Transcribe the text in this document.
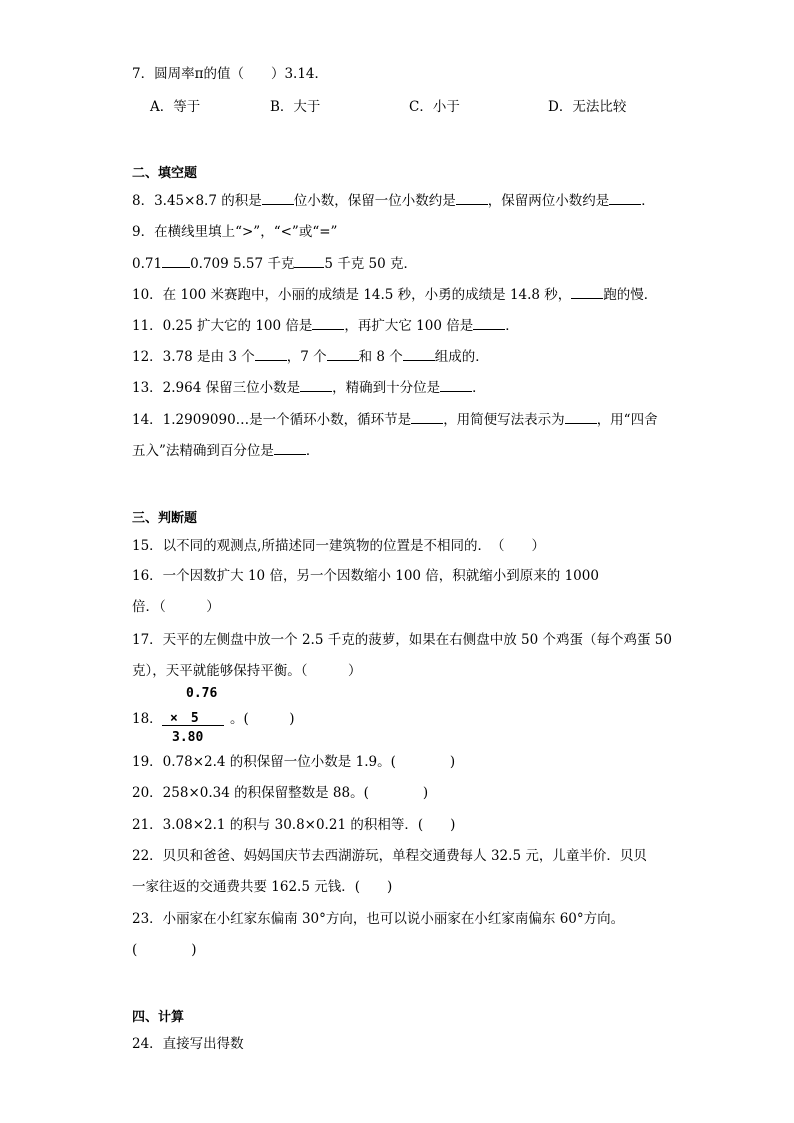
7．圆周率π的值（　　）3.14．
A．等于	B．大于	C．小于	D．无法比较
二、填空题
8．3.45×8.7 的积是 位小数，保留一位小数约是 ，保留两位小数约是 ．
9．在横线里填上“>”，“<”或“=”
0.71 0.709 5.57 千克 5 千克 50 克．
10．在 100 米赛跑中，小丽的成绩是 14.5 秒，小勇的成绩是 14.8 秒， 跑的慢．
11．0.25 扩大它的 100 倍是 ，再扩大它 100 倍是 ．
12．3.78 是由 3 个 ，7 个 和 8 个 组成的．
13．2.964 保留三位小数是 ，精确到十分位是 ．
14．1.2909090…是一个循环小数，循环节是 ，用简便写法表示为 ，用“四舍
五入”法精确到百分位是 ．
三、判断题
15．以不同的观测点,所描述同一建筑物的位置是不相同的．　（　　）
16．一个因数扩大 10 倍，另一个因数缩小 100 倍，积就缩小到原来的 1000
倍．（　　　）
17．天平的左侧盘中放一个 2.5 千克的菠萝，如果在右侧盘中放 50 个鸡蛋（每个鸡蛋 50
克），天平就能够保持平衡。（　　　）
18．
0.76
×　5
3.80
。(　　　)
19．0.78×2.4 的积保留一位小数是 1.9。(　　　　)
20．258×0.34 的积保留整数是 88。(　　　　)
21．3.08×2.1 的积与 30.8×0.21 的积相等．(　　)
22．贝贝和爸爸、妈妈国庆节去西湖游玩，单程交通费每人 32.5 元，儿童半价．贝贝
一家往返的交通费共要 162.5 元钱．(　　)
23．小丽家在小红家东偏南 30°方向，也可以说小丽家在小红家南偏东 60°方向。
(　　　　)
四、计算
24．直接写出得数
